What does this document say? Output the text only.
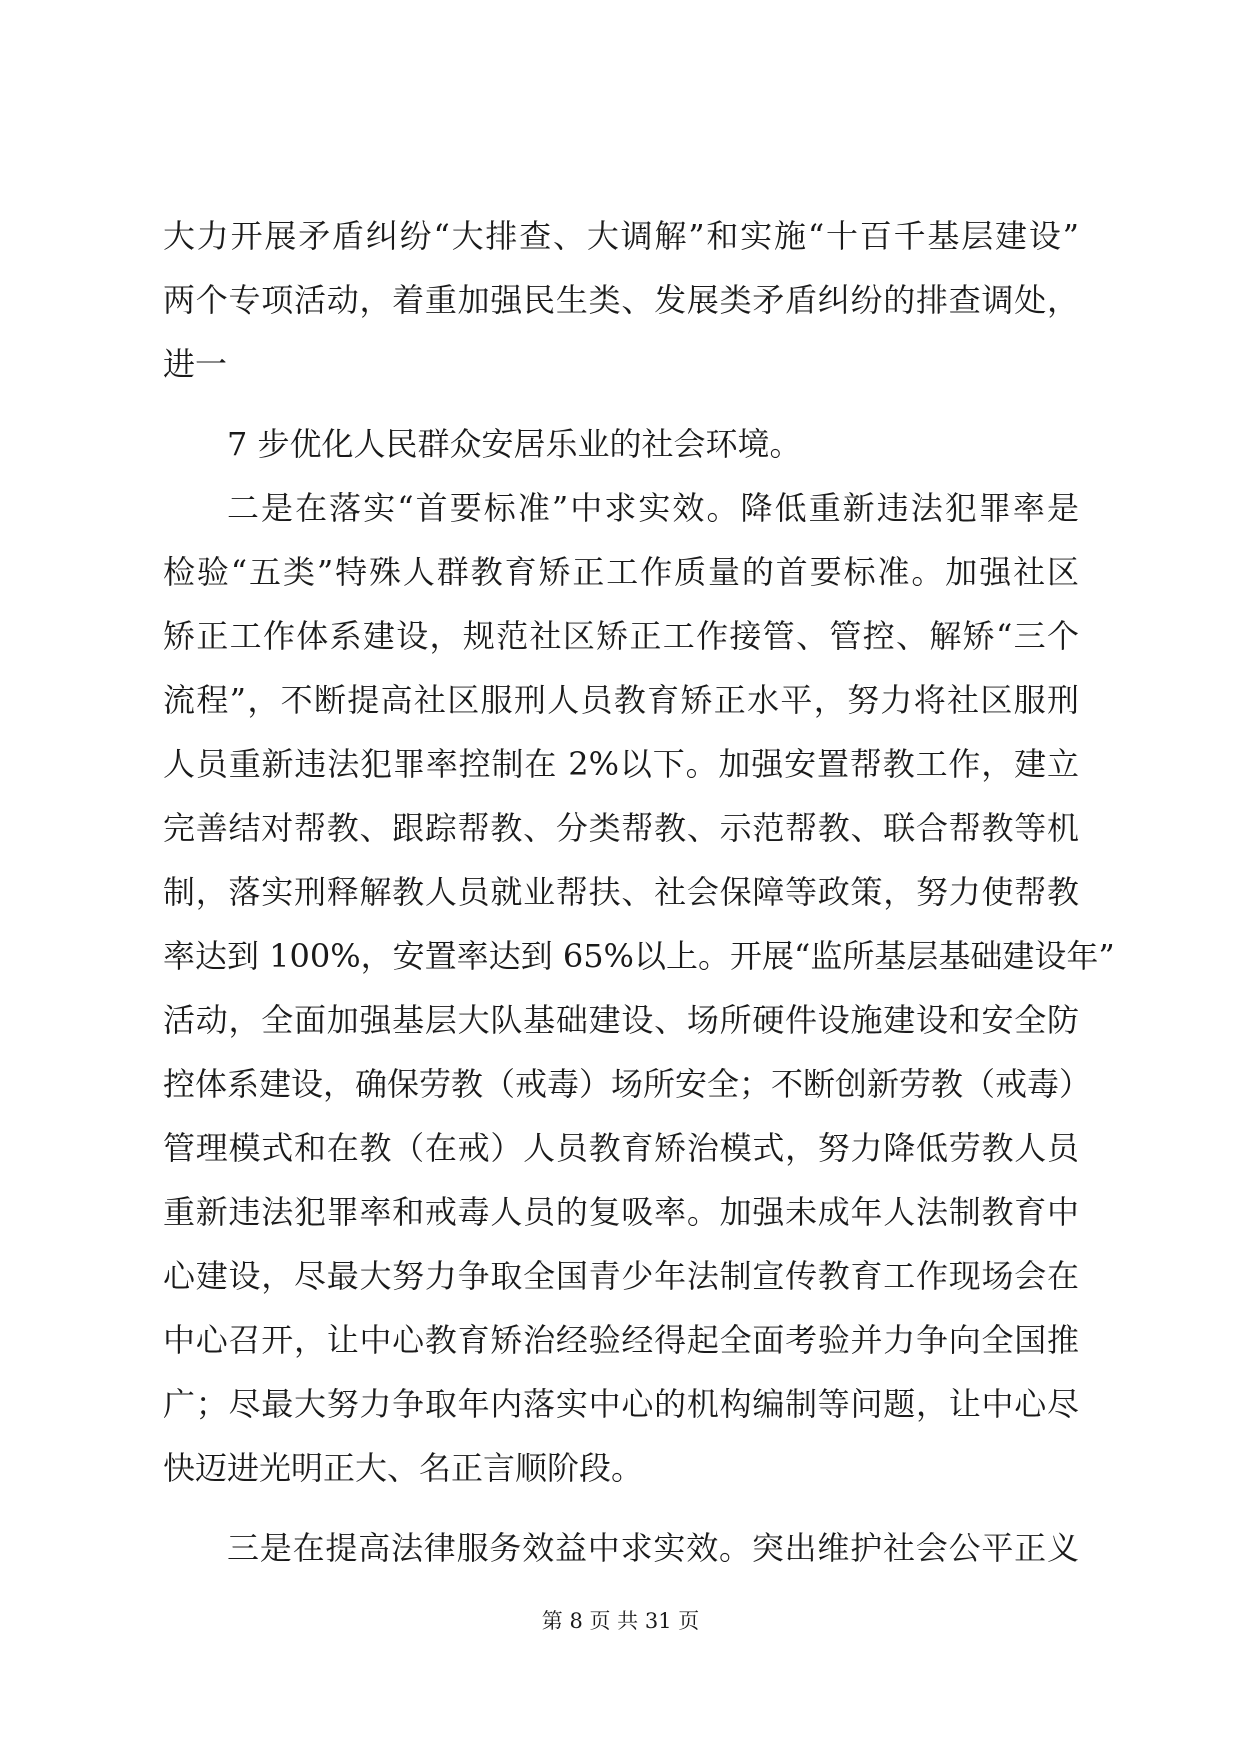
大力开展矛盾纠纷“大排查、大调解”和实施“十百千基层建设”
两个专项活动，着重加强民生类、发展类矛盾纠纷的排查调处，
进一
7 步优化人民群众安居乐业的社会环境。
二是在落实“首要标准”中求实效。降低重新违法犯罪率是
检验“五类”特殊人群教育矫正工作质量的首要标准。加强社区
矫正工作体系建设，规范社区矫正工作接管、管控、解矫“三个
流程”，不断提高社区服刑人员教育矫正水平，努力将社区服刑
人员重新违法犯罪率控制在 2%以下。加强安置帮教工作，建立
完善结对帮教、跟踪帮教、分类帮教、示范帮教、联合帮教等机
制，落实刑释解教人员就业帮扶、社会保障等政策，努力使帮教
率达到 100%，安置率达到 65%以上。开展“监所基层基础建设年”
活动，全面加强基层大队基础建设、场所硬件设施建设和安全防
控体系建设，确保劳教（戒毒）场所安全；不断创新劳教（戒毒）
管理模式和在教（在戒）人员教育矫治模式，努力降低劳教人员
重新违法犯罪率和戒毒人员的复吸率。加强未成年人法制教育中
心建设，尽最大努力争取全国青少年法制宣传教育工作现场会在
中心召开，让中心教育矫治经验经得起全面考验并力争向全国推
广；尽最大努力争取年内落实中心的机构编制等问题，让中心尽
快迈进光明正大、名正言顺阶段。
三是在提高法律服务效益中求实效。突出维护社会公平正义
第 8 页 共 31 页
